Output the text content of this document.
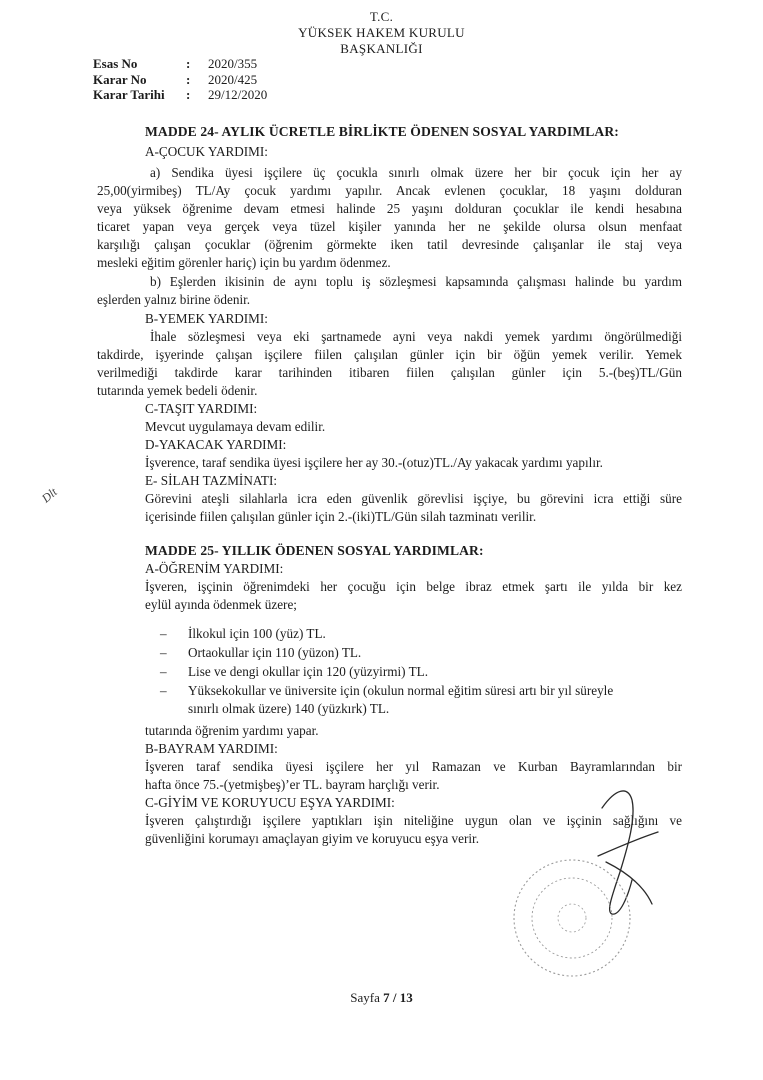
T.C.
YÜKSEK HAKEM KURULU
BAŞKANLIĞI
Esas No	: 2020/355
Karar No	: 2020/425
Karar Tarihi : 29/12/2020
MADDE 24- AYLIK ÜCRETLE BİRLİKTE ÖDENEN SOSYAL YARDIMLAR:
A-ÇOCUK YARDIMI:
a) Sendika üyesi işçilere üç çocukla sınırlı olmak üzere her bir çocuk için her ay
25,00(yirmibeş) TL/Ay çocuk yardımı yapılır. Ancak evlenen çocuklar, 18 yaşını dolduran
veya yüksek öğrenime devam etmesi halinde 25 yaşını dolduran çocuklar ile kendi hesabına
ticaret yapan veya gerçek veya tüzel kişiler yanında her ne şekilde olursa olsun menfaat
karşılığı çalışan çocuklar (öğrenim görmekte iken tatil devresinde çalışanlar ile staj veya
mesleki eğitim görenler hariç) için bu yardım ödenmez.
b) Eşlerden ikisinin de aynı toplu iş sözleşmesi kapsamında çalışması halinde bu yardım
eşlerden yalnız birine ödenir.
B-YEMEK YARDIMI:
İhale sözleşmesi veya eki şartnamede ayni veya nakdi yemek yardımı öngörülmediği
takdirde, işyerinde çalışan işçilere fiilen çalışılan günler için bir öğün yemek verilir. Yemek
verilmediği takdirde karar tarihinden itibaren fiilen çalışılan günler için 5.-(beş)TL/Gün
tutarında yemek bedeli ödenir.
C-TAŞIT YARDIMI:
Mevcut uygulamaya devam edilir.
D-YAKACAK YARDIMI:
İşverence, taraf sendika üyesi işçilere her ay 30.-(otuz)TL./Ay yakacak yardımı yapılır.
E- SİLAH TAZMİNATI:
Görevini ateşli silahlarla icra eden güvenlik görevlisi işçiye, bu görevini icra ettiği süre
içerisinde fiilen çalışılan günler için 2.-(iki)TL/Gün silah tazminatı verilir.
MADDE 25- YILLIK ÖDENEN SOSYAL YARDIMLAR:
A-ÖĞRENİM YARDIMI:
İşveren, işçinin öğrenimdeki her çocuğu için belge ibraz etmek şartı ile yılda bir kez
eylül ayında ödenmek üzere;
– İlkokul için 100 (yüz) TL.
– Ortaokullar için 110 (yüzon) TL.
– Lise ve dengi okullar için 120 (yüzyirmi) TL.
– Yüksekokullar ve üniversite için (okulun normal eğitim süresi artı bir yıl süreyle
sınırlı olmak üzere) 140 (yüzkırk) TL.
tutarında öğrenim yardımı yapar.
B-BAYRAM YARDIMI:
İşveren taraf sendika üyesi işçilere her yıl Ramazan ve Kurban Bayramlarından bir
hafta önce 75.-(yetmişbeş)’er TL. bayram harçlığı verir.
C-GİYİM VE KORUYUCU EŞYA YARDIMI:
İşveren çalıştırdığı işçilere yaptıkları işin niteliğine uygun olan ve işçinin sağlığını ve
güvenliğini korumayı amaçlayan giyim ve koruyucu eşya verir.
Dlt
Sayfa 7 / 13
